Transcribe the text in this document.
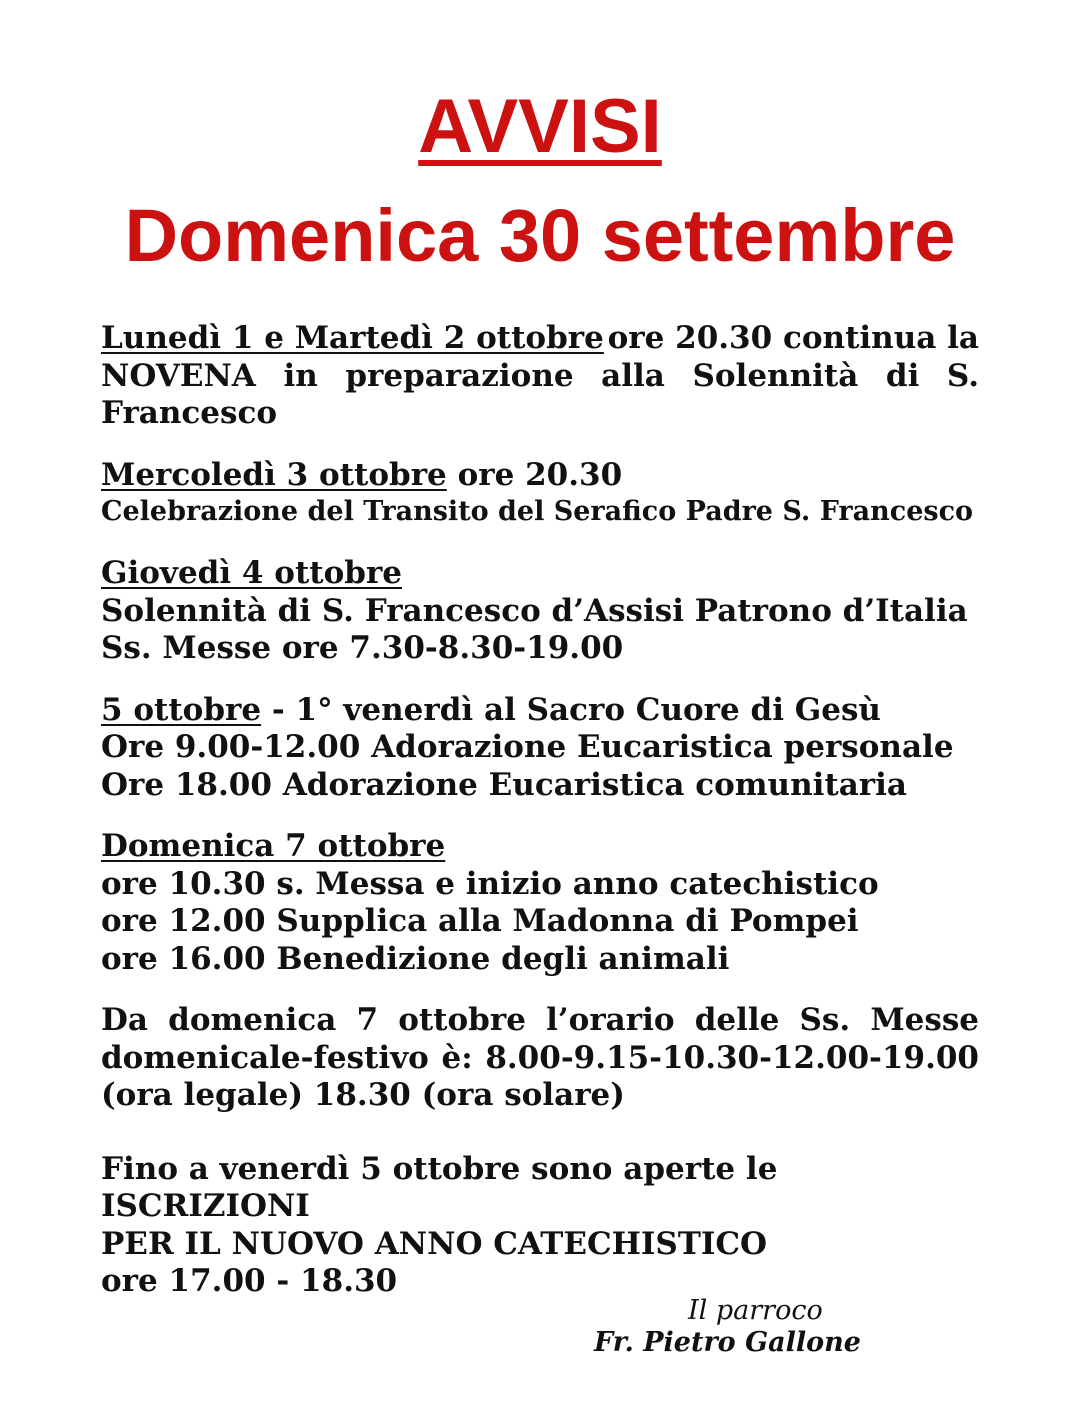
AVVISI
Domenica 30 settembre
Lunedì 1 e Martedì 2 ottobre ore 20.30 continua la
NOVENA in preparazione alla Solennità di S.
Francesco
Mercoledì 3 ottobre ore 20.30
Celebrazione del Transito del Serafico Padre S. Francesco
Giovedì 4 ottobre
Solennità di S. Francesco d’Assisi Patrono d’Italia
Ss. Messe ore 7.30-8.30-19.00
5 ottobre - 1° venerdì al Sacro Cuore di Gesù
Ore 9.00-12.00 Adorazione Eucaristica personale
Ore 18.00 Adorazione Eucaristica comunitaria
Domenica 7 ottobre
ore 10.30 s. Messa e inizio anno catechistico
ore 12.00 Supplica alla Madonna di Pompei
ore 16.00 Benedizione degli animali
Da domenica 7 ottobre l’orario delle Ss. Messe
domenicale-festivo è: 8.00-9.15-10.30-12.00-19.00
(ora legale) 18.30 (ora solare)
Fino a venerdì 5 ottobre sono aperte le ISCRIZIONI
PER IL NUOVO ANNO CATECHISTICO
ore 17.00 - 18.30
Il parroco
Fr. Pietro Gallone
